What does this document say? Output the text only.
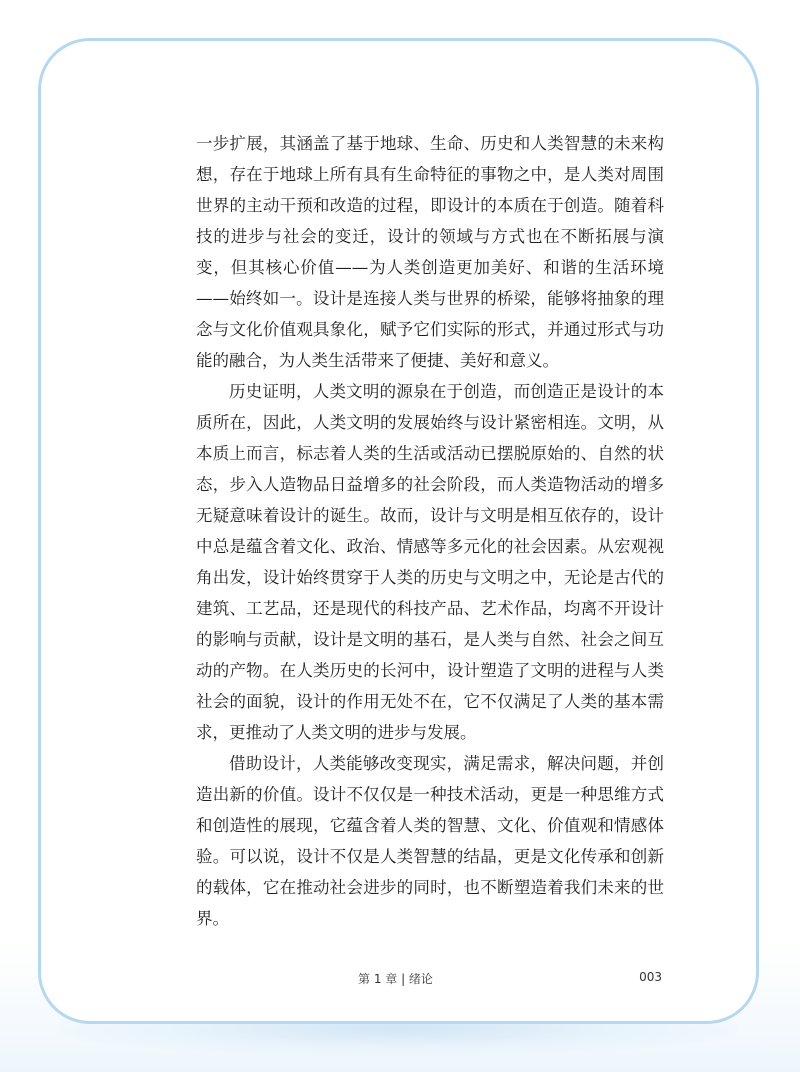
一步扩展，其涵盖了基于地球、生命、历史和人类智慧的未来构想，存在于地球上所有具有生命特征的事物之中，是人类对周围世界的主动干预和改造的过程，即设计的本质在于创造。随着科技的进步与社会的变迁，设计的领域与方式也在不断拓展与演变，但其核心价值——为人类创造更加美好、和谐的生活环境——始终如一。设计是连接人类与世界的桥梁，能够将抽象的理念与文化价值观具象化，赋予它们实际的形式，并通过形式与功能的融合，为人类生活带来了便捷、美好和意义。

历史证明，人类文明的源泉在于创造，而创造正是设计的本质所在，因此，人类文明的发展始终与设计紧密相连。文明，从本质上而言，标志着人类的生活或活动已摆脱原始的、自然的状态，步入人造物品日益增多的社会阶段，而人类造物活动的增多无疑意味着设计的诞生。故而，设计与文明是相互依存的，设计中总是蕴含着文化、政治、情感等多元化的社会因素。从宏观视角出发，设计始终贯穿于人类的历史与文明之中，无论是古代的建筑、工艺品，还是现代的科技产品、艺术作品，均离不开设计的影响与贡献，设计是文明的基石，是人类与自然、社会之间互动的产物。在人类历史的长河中，设计塑造了文明的进程与人类社会的面貌，设计的作用无处不在，它不仅满足了人类的基本需求，更推动了人类文明的进步与发展。

借助设计，人类能够改变现实，满足需求，解决问题，并创造出新的价值。设计不仅仅是一种技术活动，更是一种思维方式和创造性的展现，它蕴含着人类的智慧、文化、价值观和情感体验。可以说，设计不仅是人类智慧的结晶，更是文化传承和创新的载体，它在推动社会进步的同时，也不断塑造着我们未来的世界。

第 1 章 | 绪论	003
